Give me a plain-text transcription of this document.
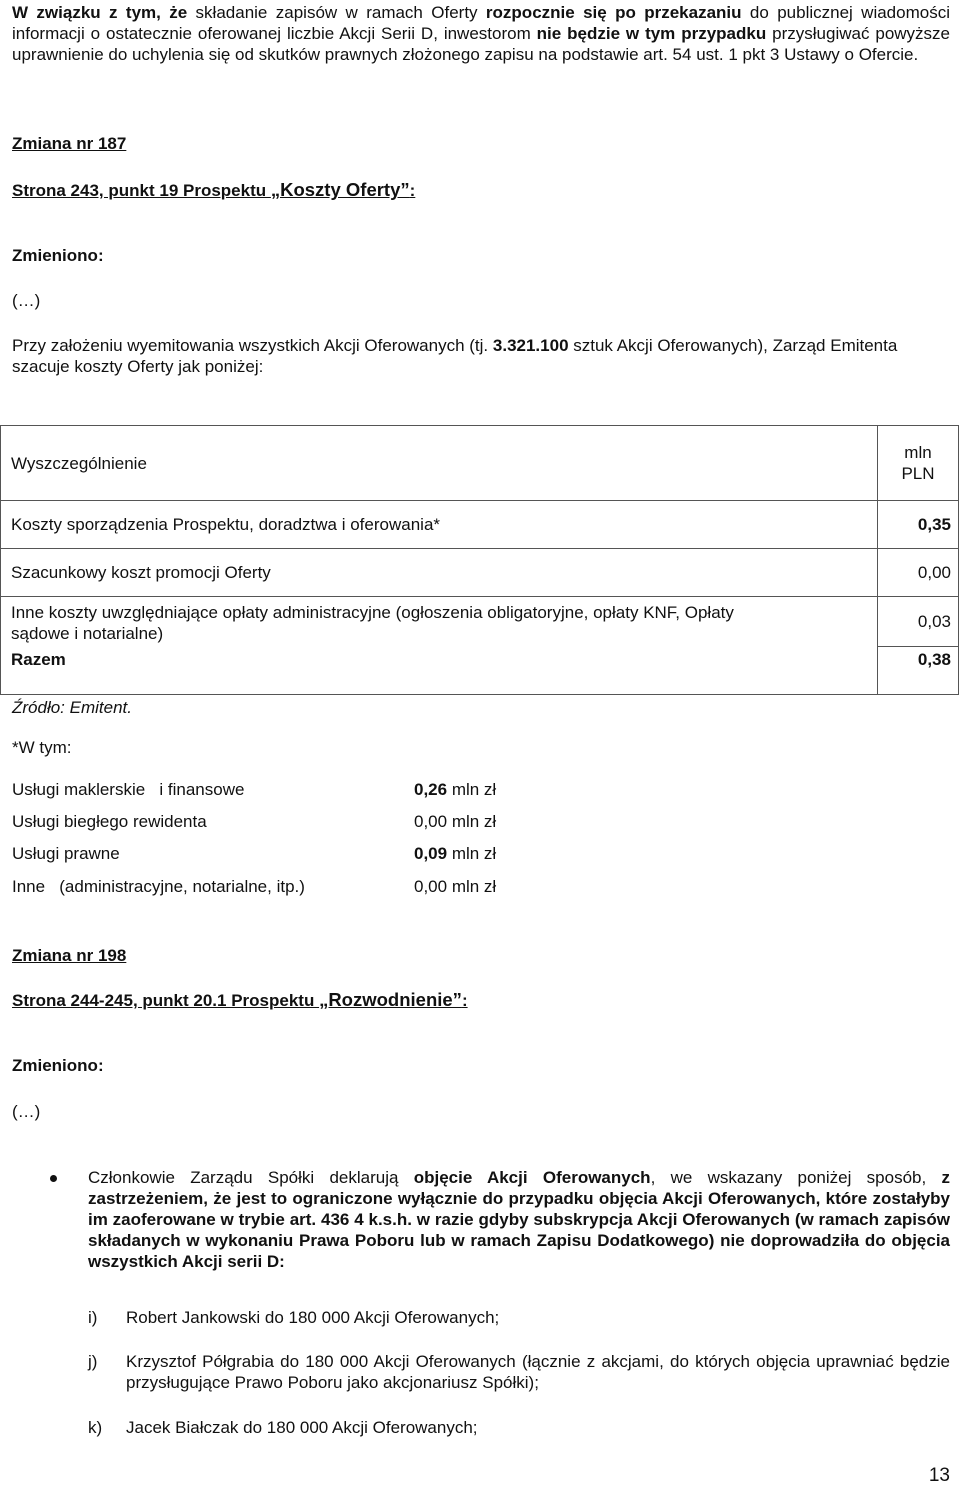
W związku z tym, że składanie zapisów w ramach Oferty rozpocznie się po przekazaniu do publicznej wiadomości informacji o ostatecznie oferowanej liczbie Akcji Serii D, inwestorom nie będzie w tym przypadku przysługiwać powyższe uprawnienie do uchylenia się od skutków prawnych złożonego zapisu na podstawie art. 54 ust. 1 pkt 3 Ustawy o Ofercie.
Zmiana nr 187
Strona 243, punkt 19 Prospektu „Koszty Oferty”:
Zmieniono:
(…)
Przy założeniu wyemitowania wszystkich Akcji Oferowanych (tj. 3.321.100 sztuk Akcji Oferowanych), Zarząd Emitenta szacuje koszty Oferty jak poniżej:
Wyszczególnienie	mln
PLN

Koszty sporządzenia Prospektu, doradztwa i oferowania*	0,35
Szacunkowy koszt promocji Oferty	0,00
Inne koszty uwzględniające opłaty administracyjne (ogłoszenia obligatoryjne, opłaty KNF, Opłaty sądowe i notarialne)	0,03
Razem	0,38
Źródło: Emitent.
*W tym:
Usługi maklerskie   i finansowe	0,26 mln zł
Usługi biegłego rewidenta	0,00 mln zł
Usługi prawne	0,09 mln zł
Inne   (administracyjne, notarialne, itp.)	0,00 mln zł
Zmiana nr 198
Strona 244-245, punkt 20.1 Prospektu „Rozwodnienie”:
Zmieniono:
(…)
Członkowie Zarządu Spółki deklarują objęcie Akcji Oferowanych, we wskazany poniżej sposób, z zastrzeżeniem, że jest to ograniczone wyłącznie do przypadku objęcia Akcji Oferowanych, które zostałyby im zaoferowane w trybie art. 436 4 k.s.h. w razie gdyby subskrypcja Akcji Oferowanych (w ramach zapisów składanych w wykonaniu Prawa Poboru lub w ramach Zapisu Dodatkowego) nie doprowadziła do objęcia wszystkich Akcji serii D:
i) Robert Jankowski do 180 000 Akcji Oferowanych;
j) Krzysztof Półgrabia do 180 000 Akcji Oferowanych (łącznie z akcjami, do których objęcia uprawniać będzie przysługujące Prawo Poboru jako akcjonariusz Spółki);
k) Jacek Białczak do 180 000 Akcji Oferowanych;
13
